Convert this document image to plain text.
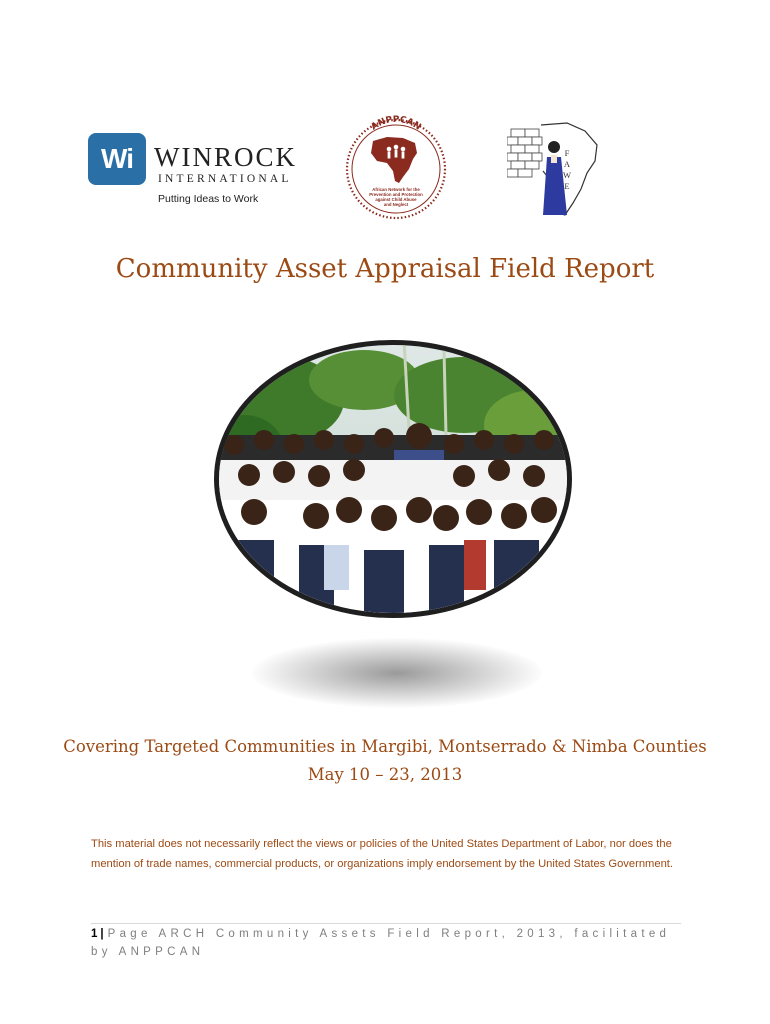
Wi WINROCK
INTERNATIONAL
Putting Ideas to Work
ANPPCAN
African Network for the
Prevention and Protection
against Child Abuse
and Neglect
F
A
W
E
Community Asset Appraisal Field Report
Covering Targeted Communities in Margibi, Montserrado & Nimba Counties May 10 – 23, 2013
This material does not necessarily reflect the views or policies of the United States Department of Labor, nor does the mention of trade names, commercial products, or organizations imply endorsement by the United States Government.
1 | Page ARCH Community Assets Field Report, 2013, facilitated by ANPPCAN
